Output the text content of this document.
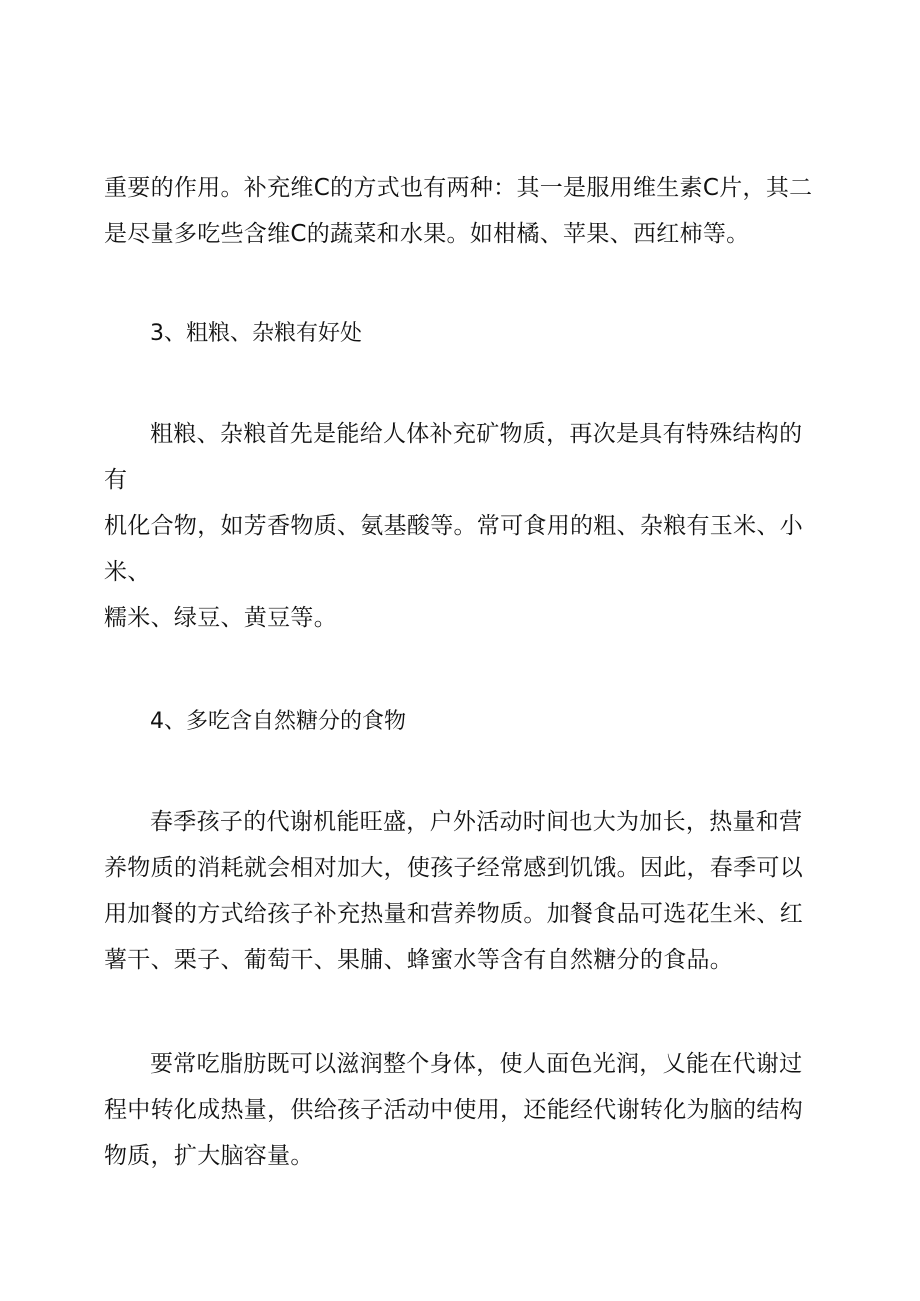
重要的作用。补充维C的方式也有两种：其一是服用维生素C片，其二
是尽量多吃些含维C的蔬菜和水果。如柑橘、苹果、西红柿等。

3、粗粮、杂粮有好处

粗粮、杂粮首先是能给人体补充矿物质，再次是具有特殊结构的有
机化合物，如芳香物质、氨基酸等。常可食用的粗、杂粮有玉米、小米、
糯米、绿豆、黄豆等。

4、多吃含自然糖分的食物

春季孩子的代谢机能旺盛，户外活动时间也大为加长，热量和营
养物质的消耗就会相对加大，使孩子经常感到饥饿。因此，春季可以
用加餐的方式给孩子补充热量和营养物质。加餐食品可选花生米、红
薯干、栗子、葡萄干、果脯、蜂蜜水等含有自然糖分的食品。

要常吃脂肪既可以滋润整个身体，使人面色光润，乂能在代谢过
程中转化成热量，供给孩子活动中使用，还能经代谢转化为脑的结构
物质，扩大脑容量。
